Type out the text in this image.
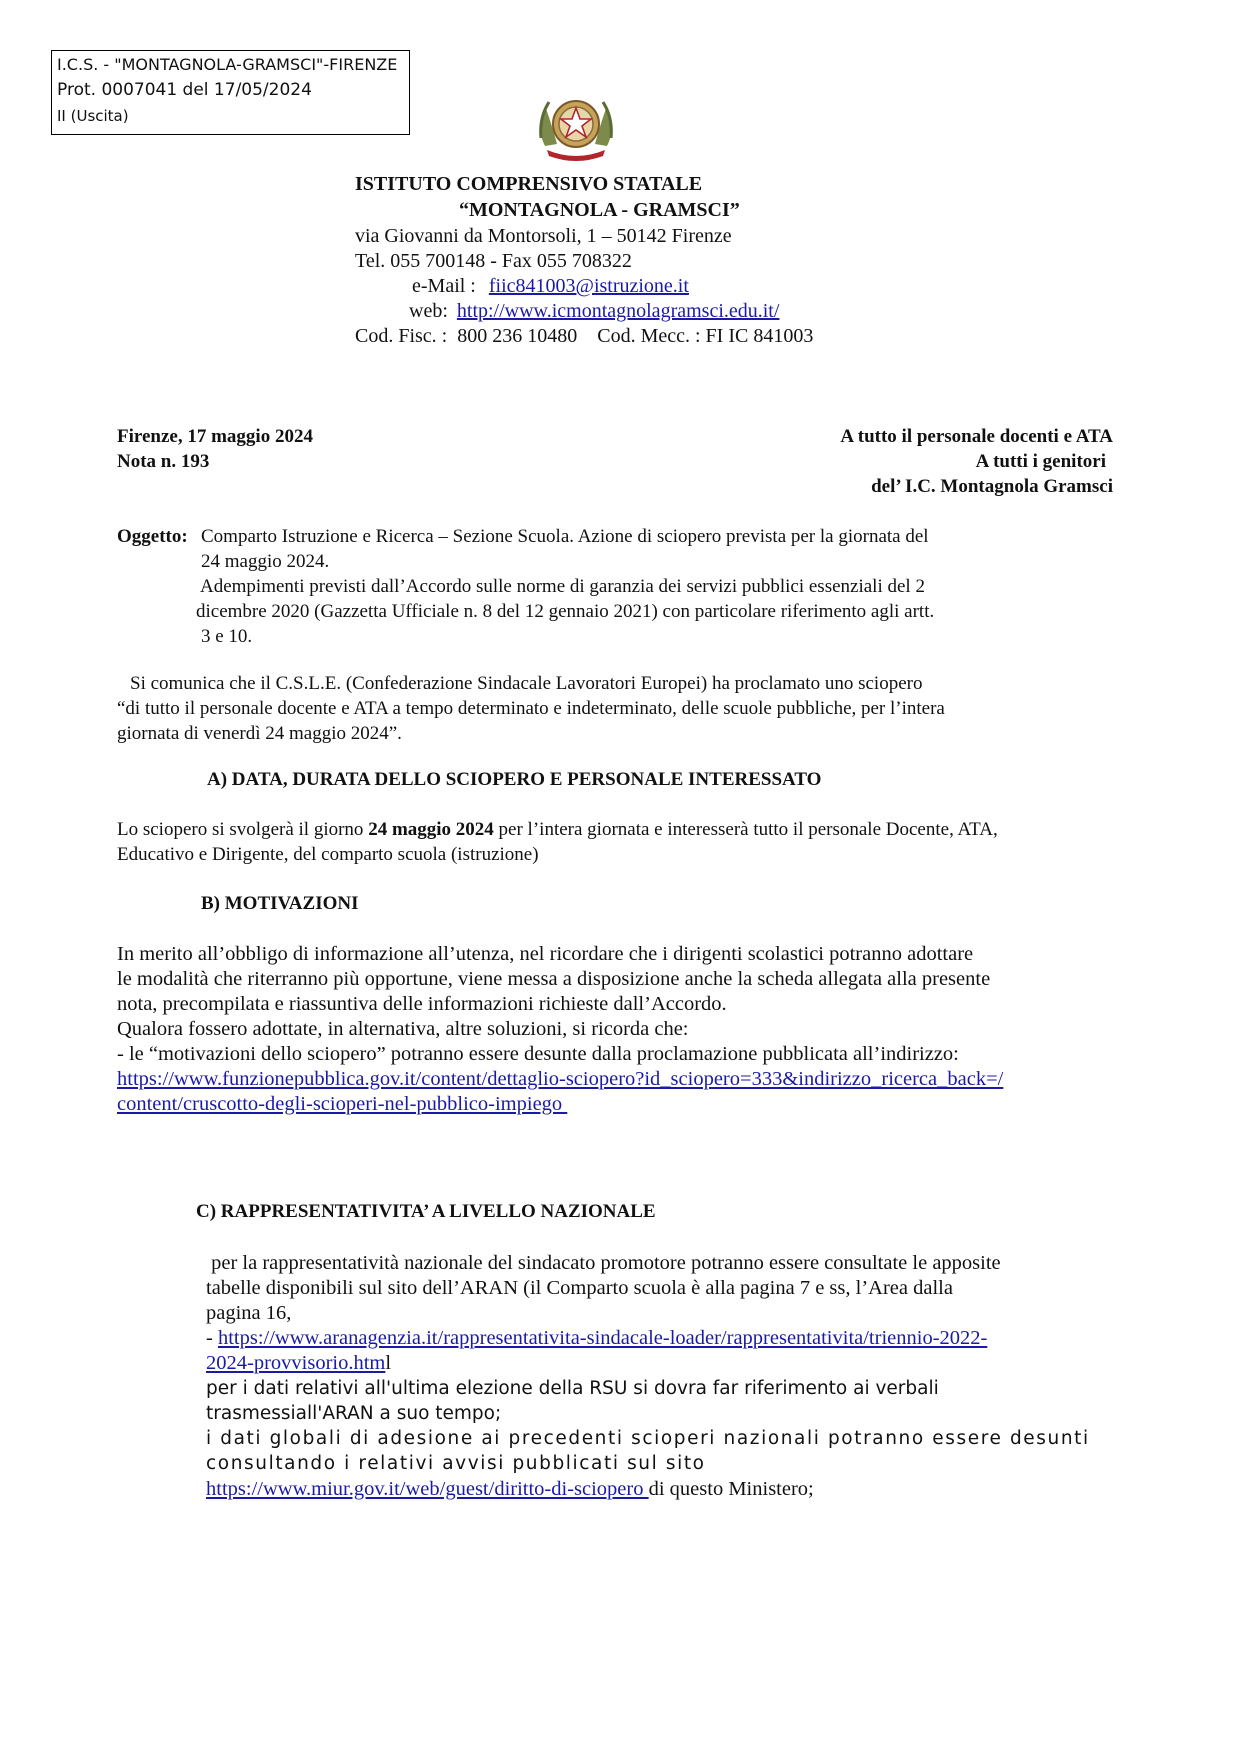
I.C.S. - "MONTAGNOLA-GRAMSCI"-FIRENZE
Prot. 0007041 del 17/05/2024
II (Uscita)
ISTITUTO COMPRENSIVO STATALE
“MONTAGNOLA - GRAMSCI”
via Giovanni da Montorsoli, 1 – 50142 Firenze
Tel. 055 700148 - Fax 055 708322
e-Mail : fiic841003@istruzione.it
web: http://www.icmontagnolagramsci.edu.it/
Cod. Fisc. :  800 236 10480    Cod. Mecc. : FI IC 841003
Firenze, 17 maggio 2024
Nota n. 193
A tutto il personale docenti e ATA
A tutti i genitori
del’ I.C. Montagnola Gramsci
Oggetto: Comparto Istruzione e Ricerca – Sezione Scuola. Azione di sciopero prevista per la giornata del
24 maggio 2024.
Adempimenti previsti dall’Accordo sulle norme di garanzia dei servizi pubblici essenziali del 2
dicembre 2020 (Gazzetta Ufficiale n. 8 del 12 gennaio 2021) con particolare riferimento agli artt.
3 e 10.
Si comunica che il C.S.L.E. (Confederazione Sindacale Lavoratori Europei) ha proclamato uno sciopero
“di tutto il personale docente e ATA a tempo determinato e indeterminato, delle scuole pubbliche, per l’intera
giornata di venerdì 24 maggio 2024”.
A) DATA, DURATA DELLO SCIOPERO E PERSONALE INTERESSATO
Lo sciopero si svolgerà il giorno 24 maggio 2024 per l’intera giornata e interesserà tutto il personale Docente, ATA,
Educativo e Dirigente, del comparto scuola (istruzione)
B) MOTIVAZIONI
In merito all’obbligo di informazione all’utenza, nel ricordare che i dirigenti scolastici potranno adottare
le modalità che riterranno più opportune, viene messa a disposizione anche la scheda allegata alla presente
nota, precompilata e riassuntiva delle informazioni richieste dall’Accordo.
Qualora fossero adottate, in alternativa, altre soluzioni, si ricorda che:
- le “motivazioni dello sciopero” potranno essere desunte dalla proclamazione pubblicata all’indirizzo:
https://www.funzionepubblica.gov.it/content/dettaglio-sciopero?id_sciopero=333&indirizzo_ricerca_back=/
content/cruscotto-degli-scioperi-nel-pubblico-impiego
C) RAPPRESENTATIVITA’ A LIVELLO NAZIONALE
per la rappresentatività nazionale del sindacato promotore potranno essere consultate le apposite
tabelle disponibili sul sito dell’ARAN (il Comparto scuola è alla pagina 7 e ss, l’Area dalla
pagina 16,
- https://www.aranagenzia.it/rappresentativita-sindacale-loader/rappresentativita/triennio-2022-
2024-provvisorio.html
per i dati relativi all'ultima elezione della RSU si dovra far riferimento ai verbali
trasmessiall'ARAN a suo tempo;
i dati globali di adesione ai precedenti scioperi nazionali potranno essere desunti
consultando i relativi avvisi pubblicati sul sito
https://www.miur.gov.it/web/guest/diritto-di-sciopero di questo Ministero;
